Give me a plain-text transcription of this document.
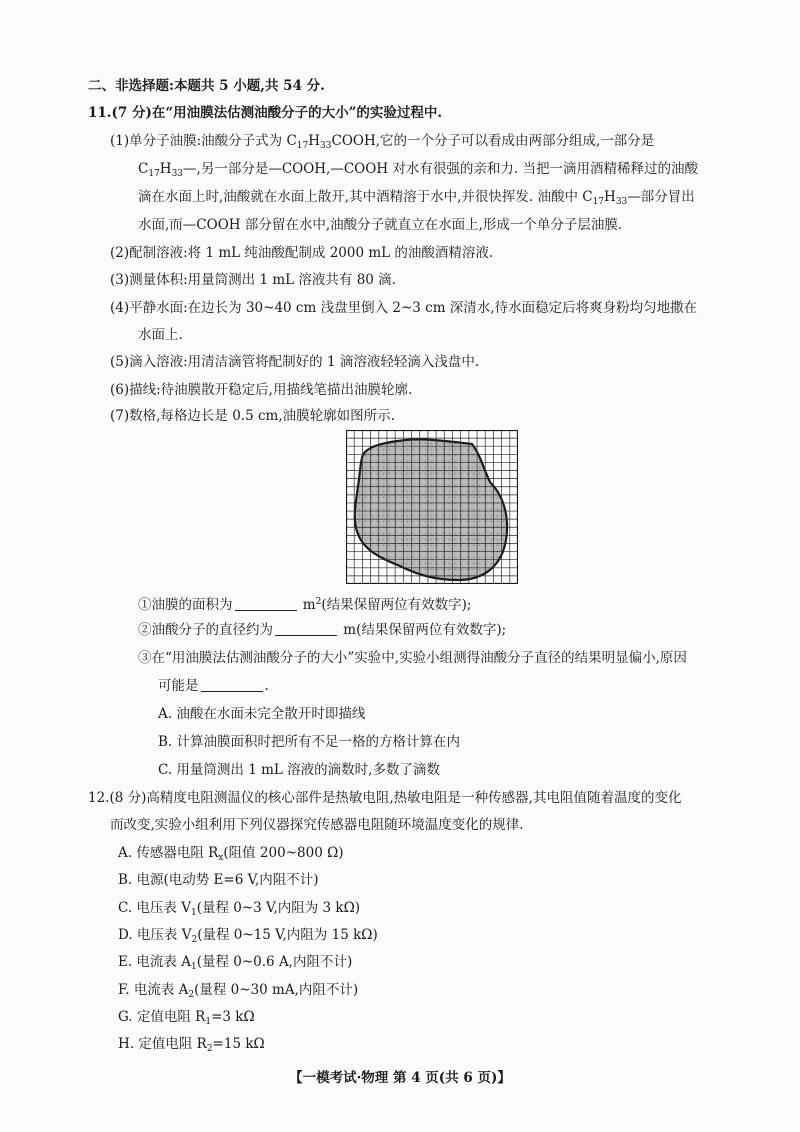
二、非选择题:本题共 5 小题,共 54 分.
11.(7 分)在“用油膜法估测油酸分子的大小”的实验过程中.
(1)单分子油膜:油酸分子式为 $C_{17}H_{33}COOH$,它的一个分子可以看成由两部分组成,一部分是
$C_{17}H_{33}—$,另一部分是—COOH,—COOH 对水有很强的亲和力. 当把一滴用酒精稀释过的油酸
滴在水面上时,油酸就在水面上散开,其中酒精溶于水中,并很快挥发. 油酸中 $C_{17}H_{33}—$部分冒出
水面,而—COOH 部分留在水中,油酸分子就直立在水面上,形成一个单分子层油膜.
(2)配制溶液:将 1 mL 纯油酸配制成 2000 mL 的油酸酒精溶液.
(3)测量体积:用量筒测出 1 mL 溶液共有 80 滴.
(4)平静水面:在边长为 30~40 cm 浅盘里倒入 2~3 cm 深清水,待水面稳定后将爽身粉均匀地撒在
水面上.
(5)滴入溶液:用清洁滴管将配制好的 1 滴溶液轻轻滴入浅盘中.
(6)描线:待油膜散开稳定后,用描线笔描出油膜轮廓.
(7)数格,每格边长是 0.5 cm,油膜轮廓如图所示.
①油膜的面积为	$m^2$(结果保留两位有效数字);
②油酸分子的直径约为	m(结果保留两位有效数字);
③在“用油膜法估测油酸分子的大小”实验中,实验小组测得油酸分子直径的结果明显偏小,原因
可能是	.
A. 油酸在水面未完全散开时即描线
B. 计算油膜面积时把所有不足一格的方格计算在内
C. 用量筒测出 1 mL 溶液的滴数时,多数了滴数
12.(8 分)高精度电阻测温仪的核心部件是热敏电阻,热敏电阻是一种传感器,其电阻值随着温度的变化
而改变,实验小组利用下列仪器探究传感器电阻随环境温度变化的规律.
A. 传感器电阻 $R_x$(阻值 200~800 Ω)
B. 电源(电动势 E=6 V,内阻不计)
C. 电压表 $V_1$(量程 0~3 V,内阻为 3 kΩ)
D. 电压表 $V_2$(量程 0~15 V,内阻为 15 kΩ)
E. 电流表 $A_1$(量程 0~0.6 A,内阻不计)
F. 电流表 $A_2$(量程 0~30 mA,内阻不计)
G. 定值电阻 $R_1=3$ kΩ
H. 定值电阻 $R_2=15$ kΩ
【一模考试·物理 第 4 页(共 6 页)】
